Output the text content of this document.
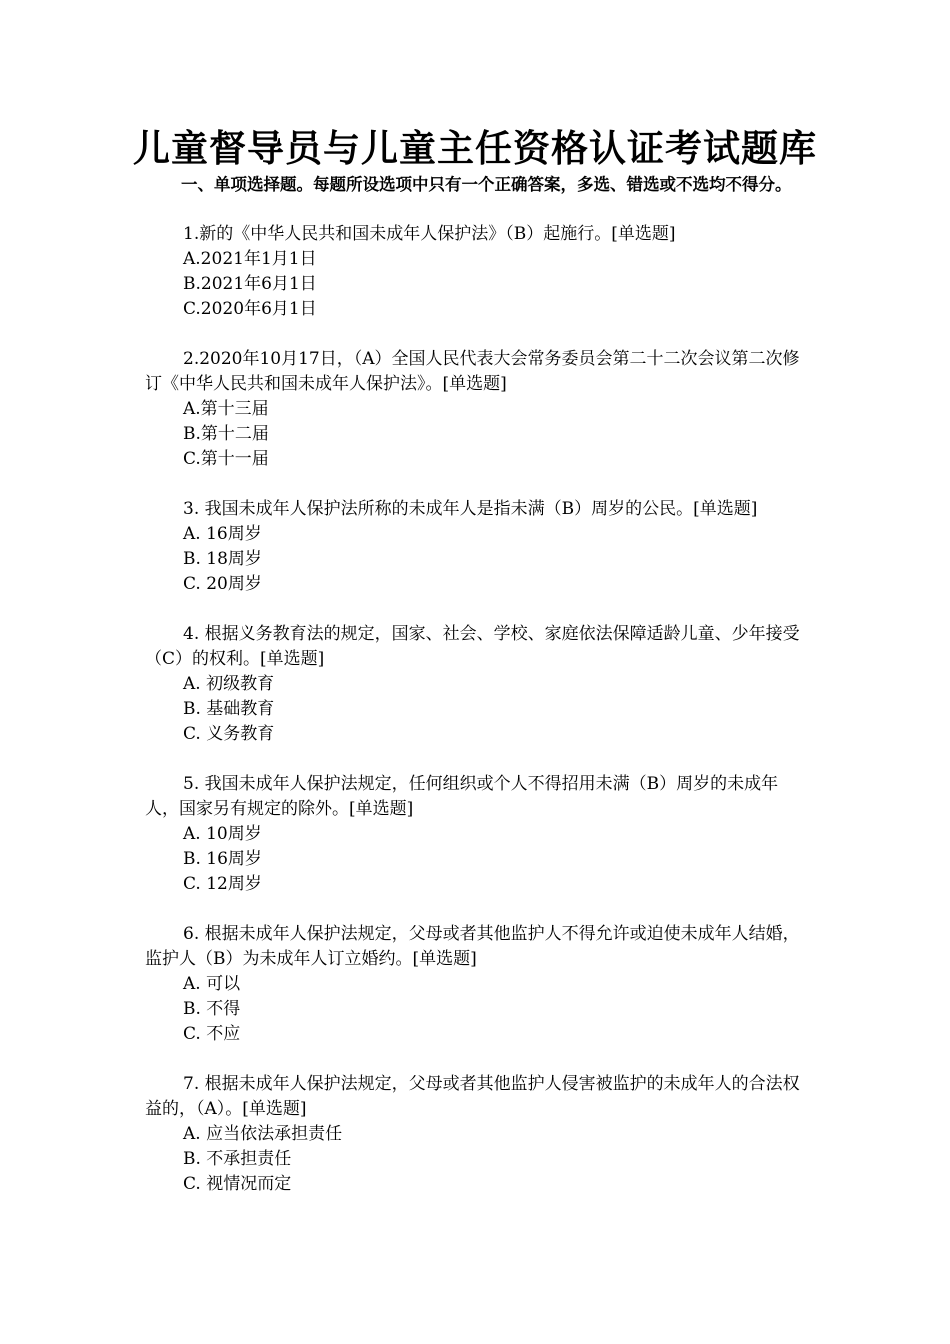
儿童督导员与儿童主任资格认证考试题库
一、单项选择题。每题所设选项中只有一个正确答案，多选、错选或不选均不得分。

1.新的《中华人民共和国未成年人保护法》（B）起施行。[单选题]

A.2021年1月1日

B.2021年6月1日

C.2020年6月1日

2.2020年10月17日，（A）全国人民代表大会常务委员会第二十二次会议第二次修订《中华人民共和国未成年人保护法》。[单选题]

A.第十三届

B.第十二届

C.第十一届

3. 我国未成年人保护法所称的未成年人是指未满（B）周岁的公民。[单选题]

A. 16周岁

B. 18周岁

C. 20周岁

4. 根据义务教育法的规定，国家、社会、学校、家庭依法保障适龄儿童、少年接受（C）的权利。[单选题]

A. 初级教育

B. 基础教育

C. 义务教育

5. 我国未成年人保护法规定，任何组织或个人不得招用未满（B）周岁的未成年人，国家另有规定的除外。[单选题]

A. 10周岁

B. 16周岁

C. 12周岁

6. 根据未成年人保护法规定，父母或者其他监护人不得允许或迫使未成年人结婚，监护人（B）为未成年人订立婚约。[单选题]

A. 可以

B. 不得

C. 不应

7. 根据未成年人保护法规定，父母或者其他监护人侵害被监护的未成年人的合法权益的，（A）。[单选题]

A. 应当依法承担责任

B. 不承担责任

C. 视情况而定
